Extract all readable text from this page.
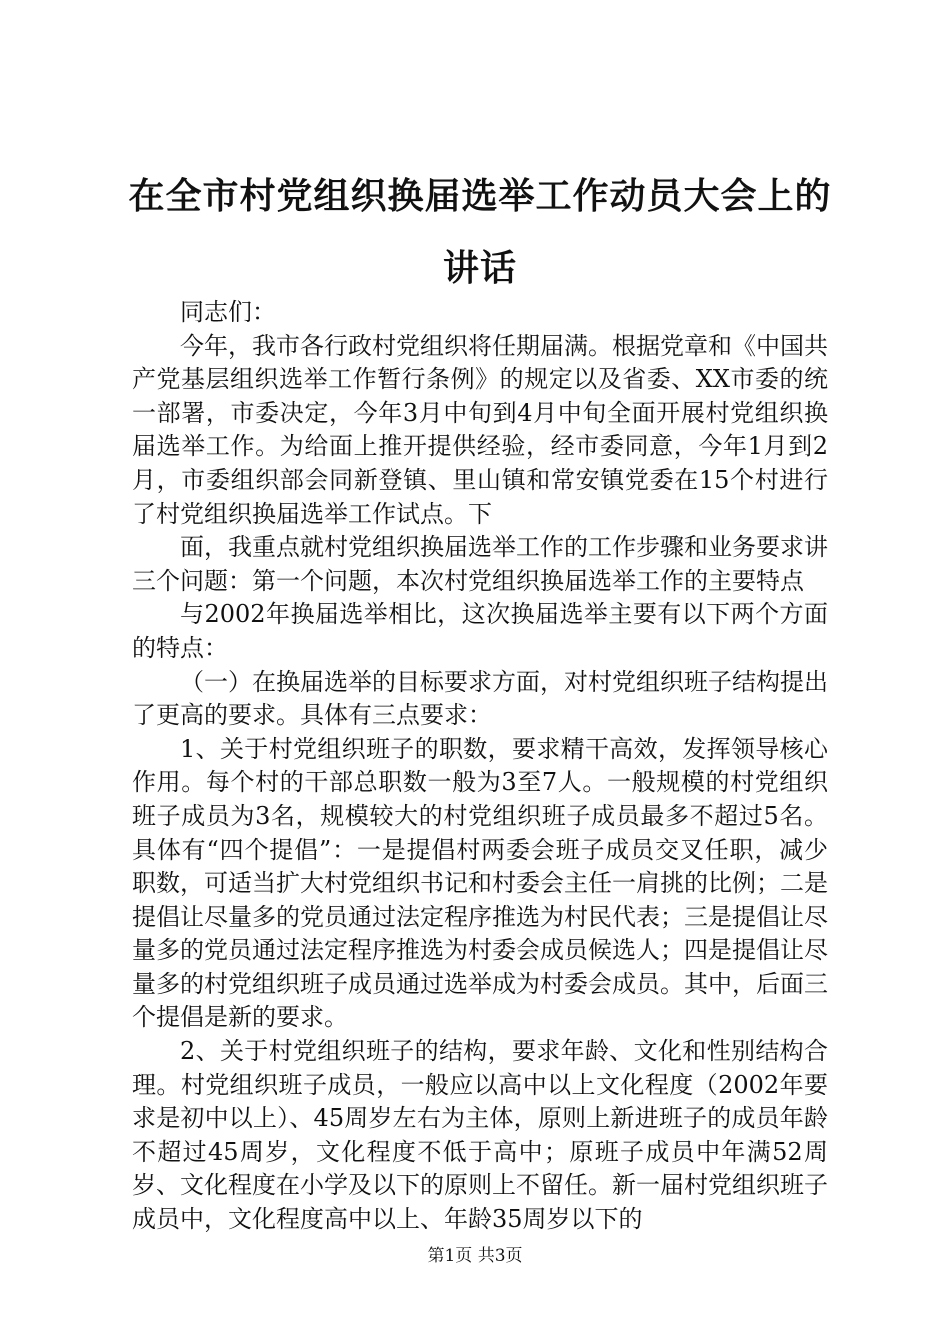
在全市村党组织换届选举工作动员大会上的讲话

同志们：

今年，我市各行政村党组织将任期届满。根据党章和《中国共产党基层组织选举工作暂行条例》的规定以及省委、XX市委的统一部署，市委决定，今年3月中旬到4月中旬全面开展村党组织换届选举工作。为给面上推开提供经验，经市委同意，今年1月到2月，市委组织部会同新登镇、里山镇和常安镇党委在15个村进行了村党组织换届选举工作试点。下

面，我重点就村党组织换届选举工作的工作步骤和业务要求讲三个问题：第一个问题，本次村党组织换届选举工作的主要特点

与2002年换届选举相比，这次换届选举主要有以下两个方面的特点：

（一）在换届选举的目标要求方面，对村党组织班子结构提出了更高的要求。具体有三点要求：

1、关于村党组织班子的职数，要求精干高效，发挥领导核心作用。每个村的干部总职数一般为3至7人。一般规模的村党组织班子成员为3名，规模较大的村党组织班子成员最多不超过5名。具体有“四个提倡”：一是提倡村两委会班子成员交叉任职，减少职数，可适当扩大村党组织书记和村委会主任一肩挑的比例；二是提倡让尽量多的党员通过法定程序推选为村民代表；三是提倡让尽量多的党员通过法定程序推选为村委会成员候选人；四是提倡让尽量多的村党组织班子成员通过选举成为村委会成员。其中，后面三个提倡是新的要求。

2、关于村党组织班子的结构，要求年龄、文化和性别结构合理。村党组织班子成员，一般应以高中以上文化程度（2002年要求是初中以上）、45周岁左右为主体，原则上新进班子的成员年龄不超过45周岁，文化程度不低于高中；原班子成员中年满52周岁、文化程度在小学及以下的原则上不留任。新一届村党组织班子成员中，文化程度高中以上、年龄35周岁以下的

第1页 共3页
